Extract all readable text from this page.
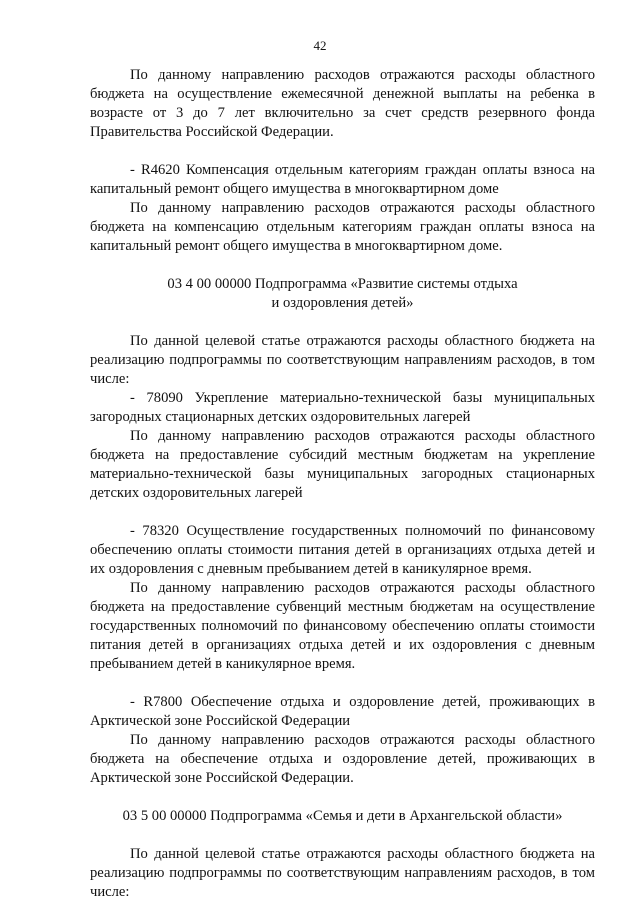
42

По данному направлению расходов отражаются расходы областного бюджета на осуществление ежемесячной денежной выплаты на ребенка в возрасте от 3 до 7 лет включительно за счет средств резервного фонда Правительства Российской Федерации.

- R4620 Компенсация отдельным категориям граждан оплаты взноса на капитальный ремонт общего имущества в многоквартирном доме

По данному направлению расходов отражаются расходы областного бюджета на компенсацию отдельным категориям граждан оплаты взноса на капитальный ремонт общего имущества в многоквартирном доме.

03 4 00 00000 Подпрограмма «Развитие системы отдыха
и оздоровления детей»

По данной целевой статье отражаются расходы областного бюджета на реализацию подпрограммы по соответствующим направлениям расходов, в том числе:

- 78090 Укрепление материально-технической базы муниципальных загородных стационарных детских оздоровительных лагерей

По данному направлению расходов отражаются расходы областного бюджета на предоставление субсидий местным бюджетам на укрепление материально-технической базы муниципальных загородных стационарных детских оздоровительных лагерей

- 78320 Осуществление государственных полномочий по финансовому обеспечению оплаты стоимости питания детей в организациях отдыха детей и их оздоровления с дневным пребыванием детей в каникулярное время.

По данному направлению расходов отражаются расходы областного бюджета на предоставление субвенций местным бюджетам на осуществление государственных полномочий по финансовому обеспечению оплаты стоимости питания детей в организациях отдыха детей и их оздоровления с дневным пребыванием детей в каникулярное время.

- R7800 Обеспечение отдыха и оздоровление детей, проживающих в Арктической зоне Российской Федерации

По данному направлению расходов отражаются расходы областного бюджета на обеспечение отдыха и оздоровление детей, проживающих в Арктической зоне Российской Федерации.

03 5 00 00000 Подпрограмма «Семья и дети в Архангельской области»

По данной целевой статье отражаются расходы областного бюджета на реализацию подпрограммы по соответствующим направлениям расходов, в том числе:
